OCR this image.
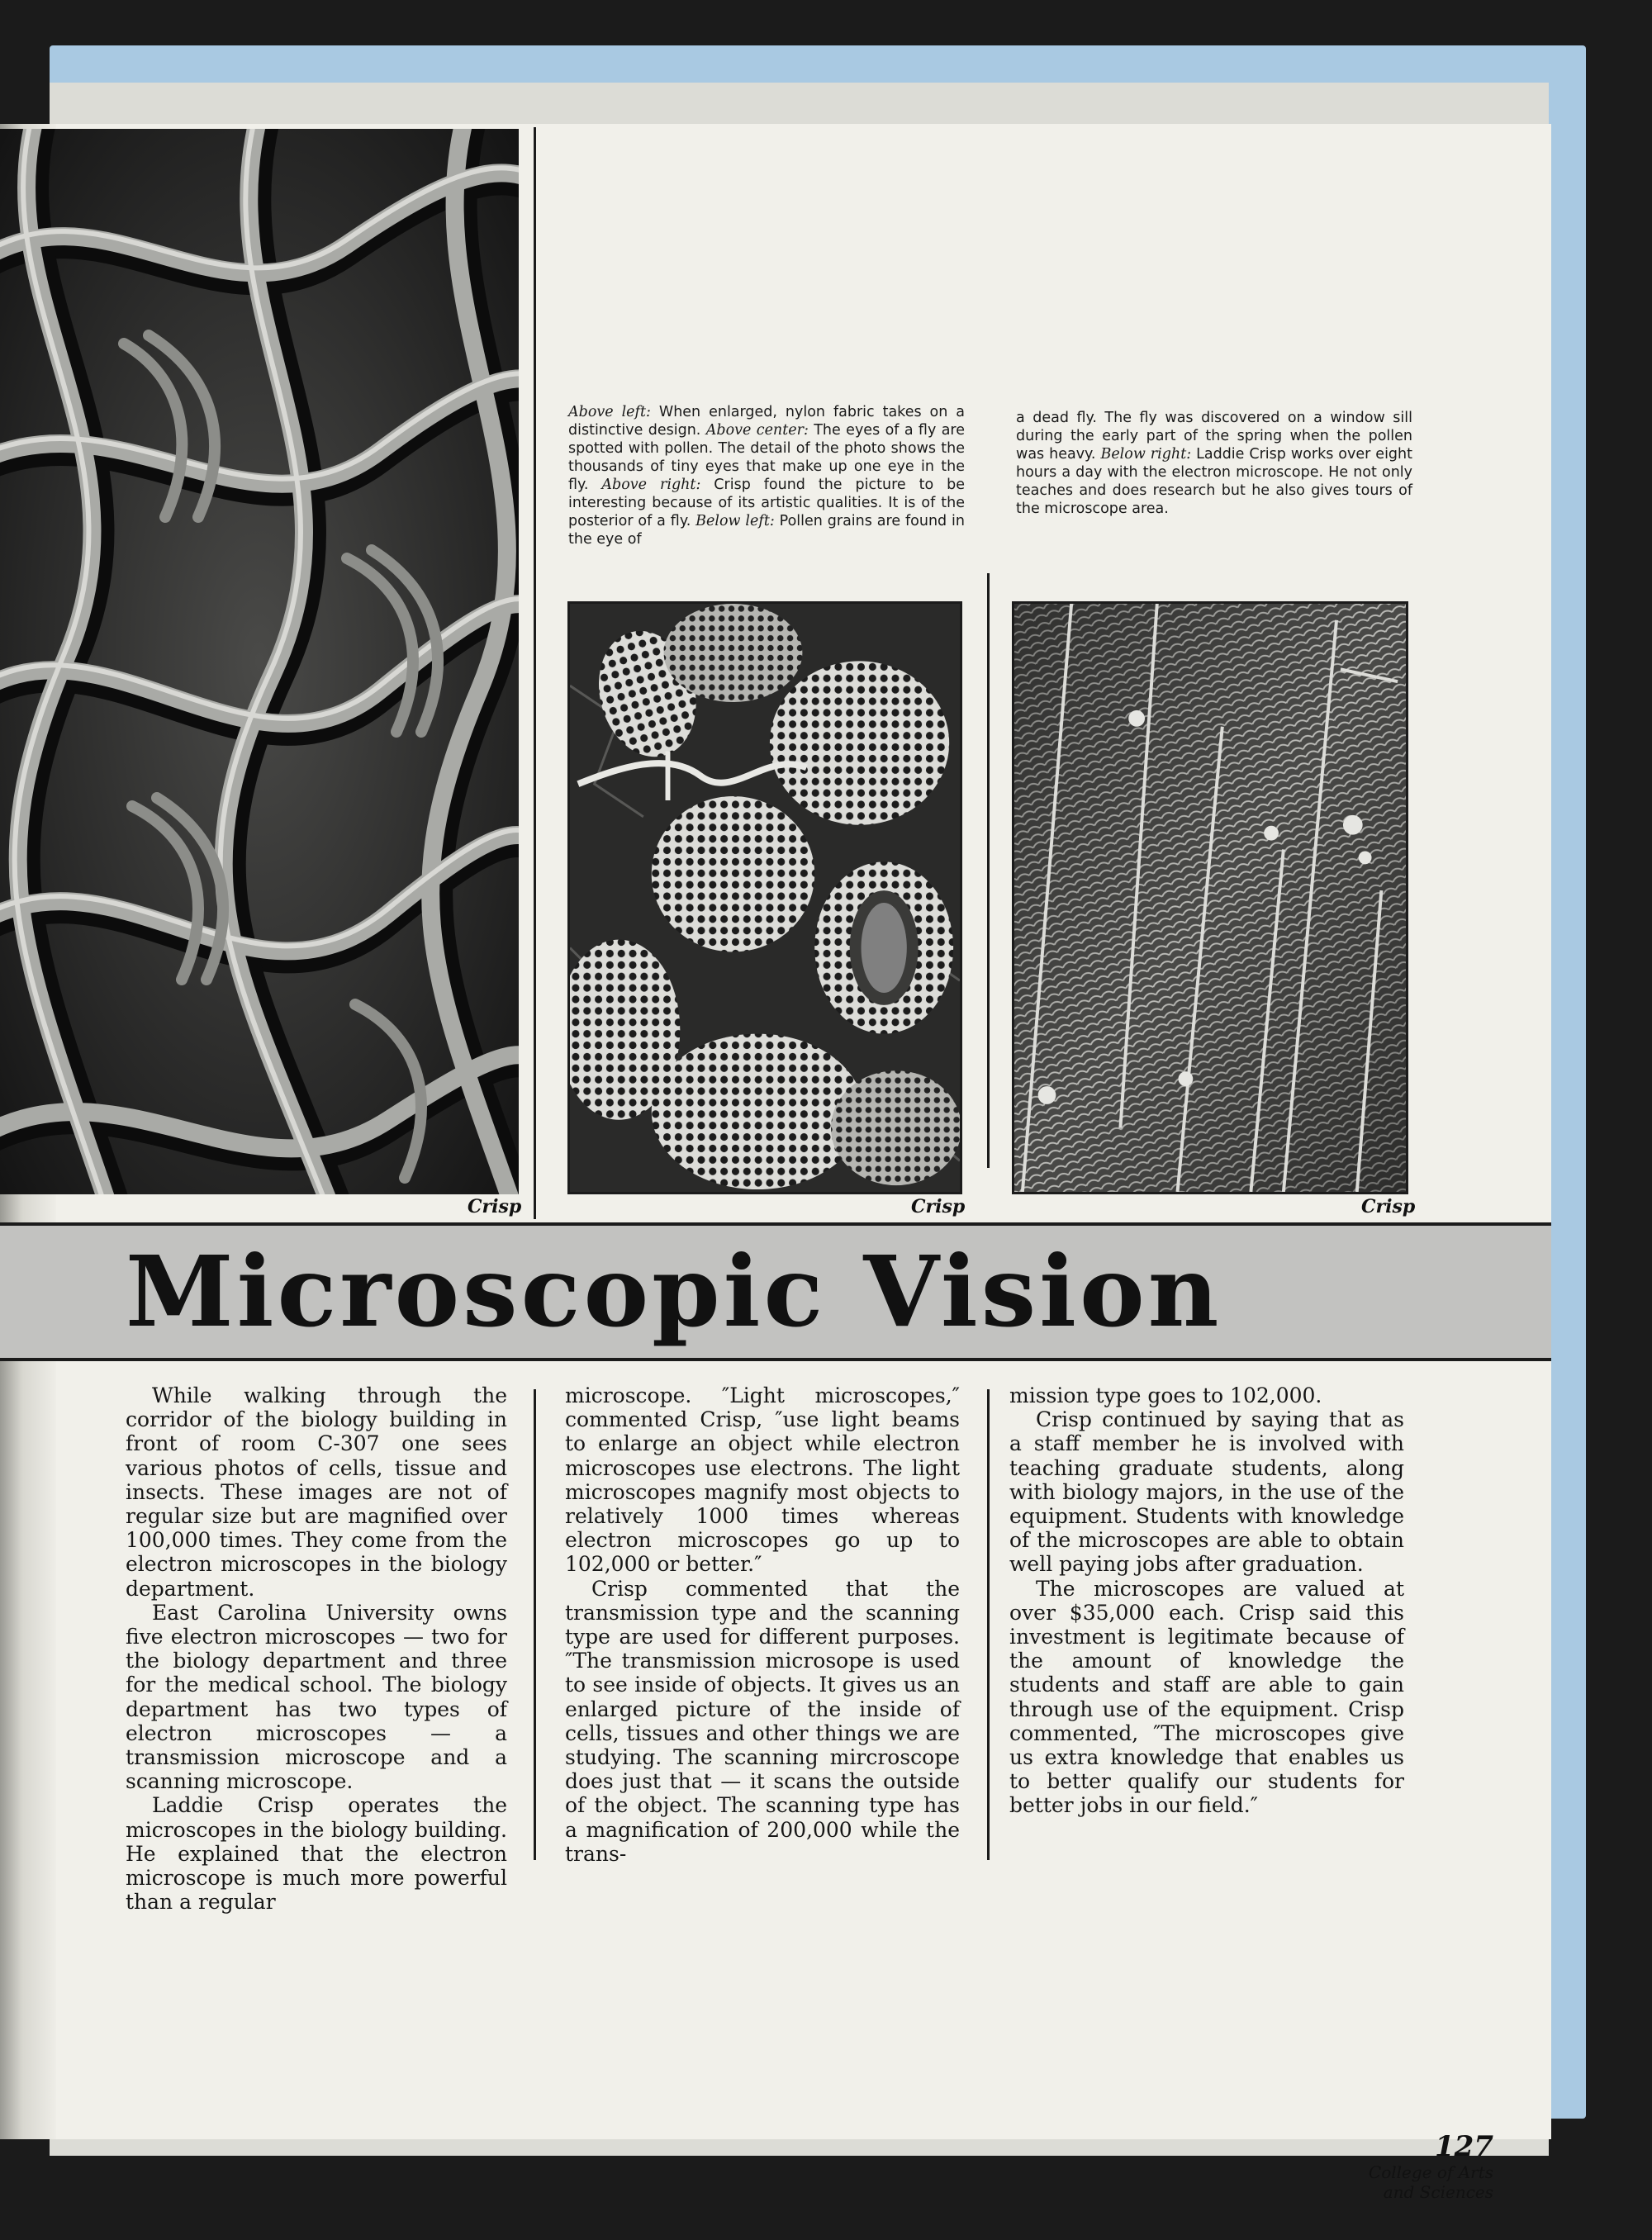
Crisp
Above left: When enlarged, nylon fabric takes on a distinctive design. Above center: The eyes of a fly are spotted with pollen. The detail of the photo shows the thousands of tiny eyes that make up one eye in the fly. Above right: Crisp found the picture to be interesting because of its artistic qualities. It is of the posterior of a fly. Below left: Pollen grains are found in the eye of
a dead fly. The fly was discovered on a window sill during the early part of the spring when the pollen was heavy. Below right: Laddie Crisp works over eight hours a day with the electron microscope. He not only teaches and does research but he also gives tours of the microscope area.
Crisp	Crisp
Microscopic Vision

While walking through the corridor of the biology building in front of room C-307 one sees various photos of cells, tissue and insects. These images are not of regular size but are magnified over 100,000 times. They come from the electron microscopes in the biology department.

East Carolina University owns five electron microscopes — two for the biology department and three for the medical school. The biology department has two types of electron microscopes — a transmission microscope and a scanning microscope.

Laddie Crisp operates the microscopes in the biology building. He explained that the electron microscope is much more powerful than a regular

microscope. ″Light microscopes,″ commented Crisp, ″use light beams to enlarge an object while electron microscopes use electrons. The light microscopes magnify most objects to relatively 1000 times whereas electron microscopes go up to 102,000 or better.″

Crisp commented that the transmission type and the scanning type are used for different purposes. ″The transmission microsope is used to see inside of objects. It gives us an enlarged picture of the inside of cells, tissues and other things we are studying. The scanning mircroscope does just that — it scans the outside of the object. The scanning type has a magnification of 200,000 while the trans-

mission type goes to 102,000.

Crisp continued by saying that as a staff member he is involved with teaching graduate students, along with biology majors, in the use of the equipment. Students with knowledge of the microscopes are able to obtain well paying jobs after graduation.

The microscopes are valued at over $35,000 each. Crisp said this investment is legitimate because of the amount of knowledge the students and staff are able to gain through use of the equipment. Crisp commented, ″The microscopes give us extra knowledge that enables us to better qualify our students for better jobs in our field.″

127
College of Arts
and Sciences
